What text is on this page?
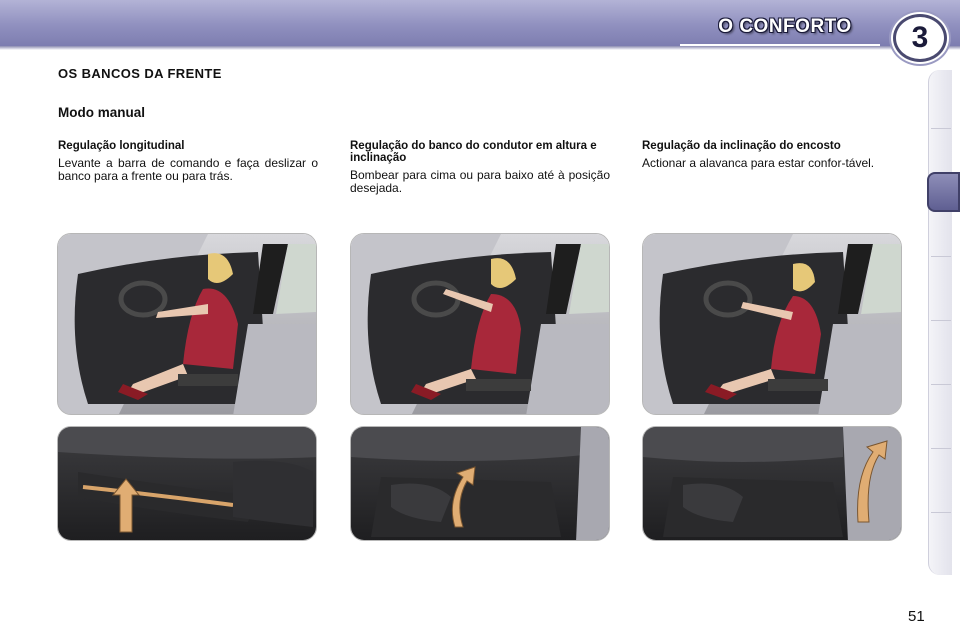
O CONFORTO	3
OS BANCOS DA FRENTE
Modo manual
Regulação longitudinal

Levante a barra de comando e faça deslizar o banco para a frente ou para trás.

Regulação do banco do condutor em altura e inclinação

Bombear para cima ou para baixo até à posição desejada.

Regulação da inclinação do encosto

Actionar a alavanca para estar confor-tável.

51
